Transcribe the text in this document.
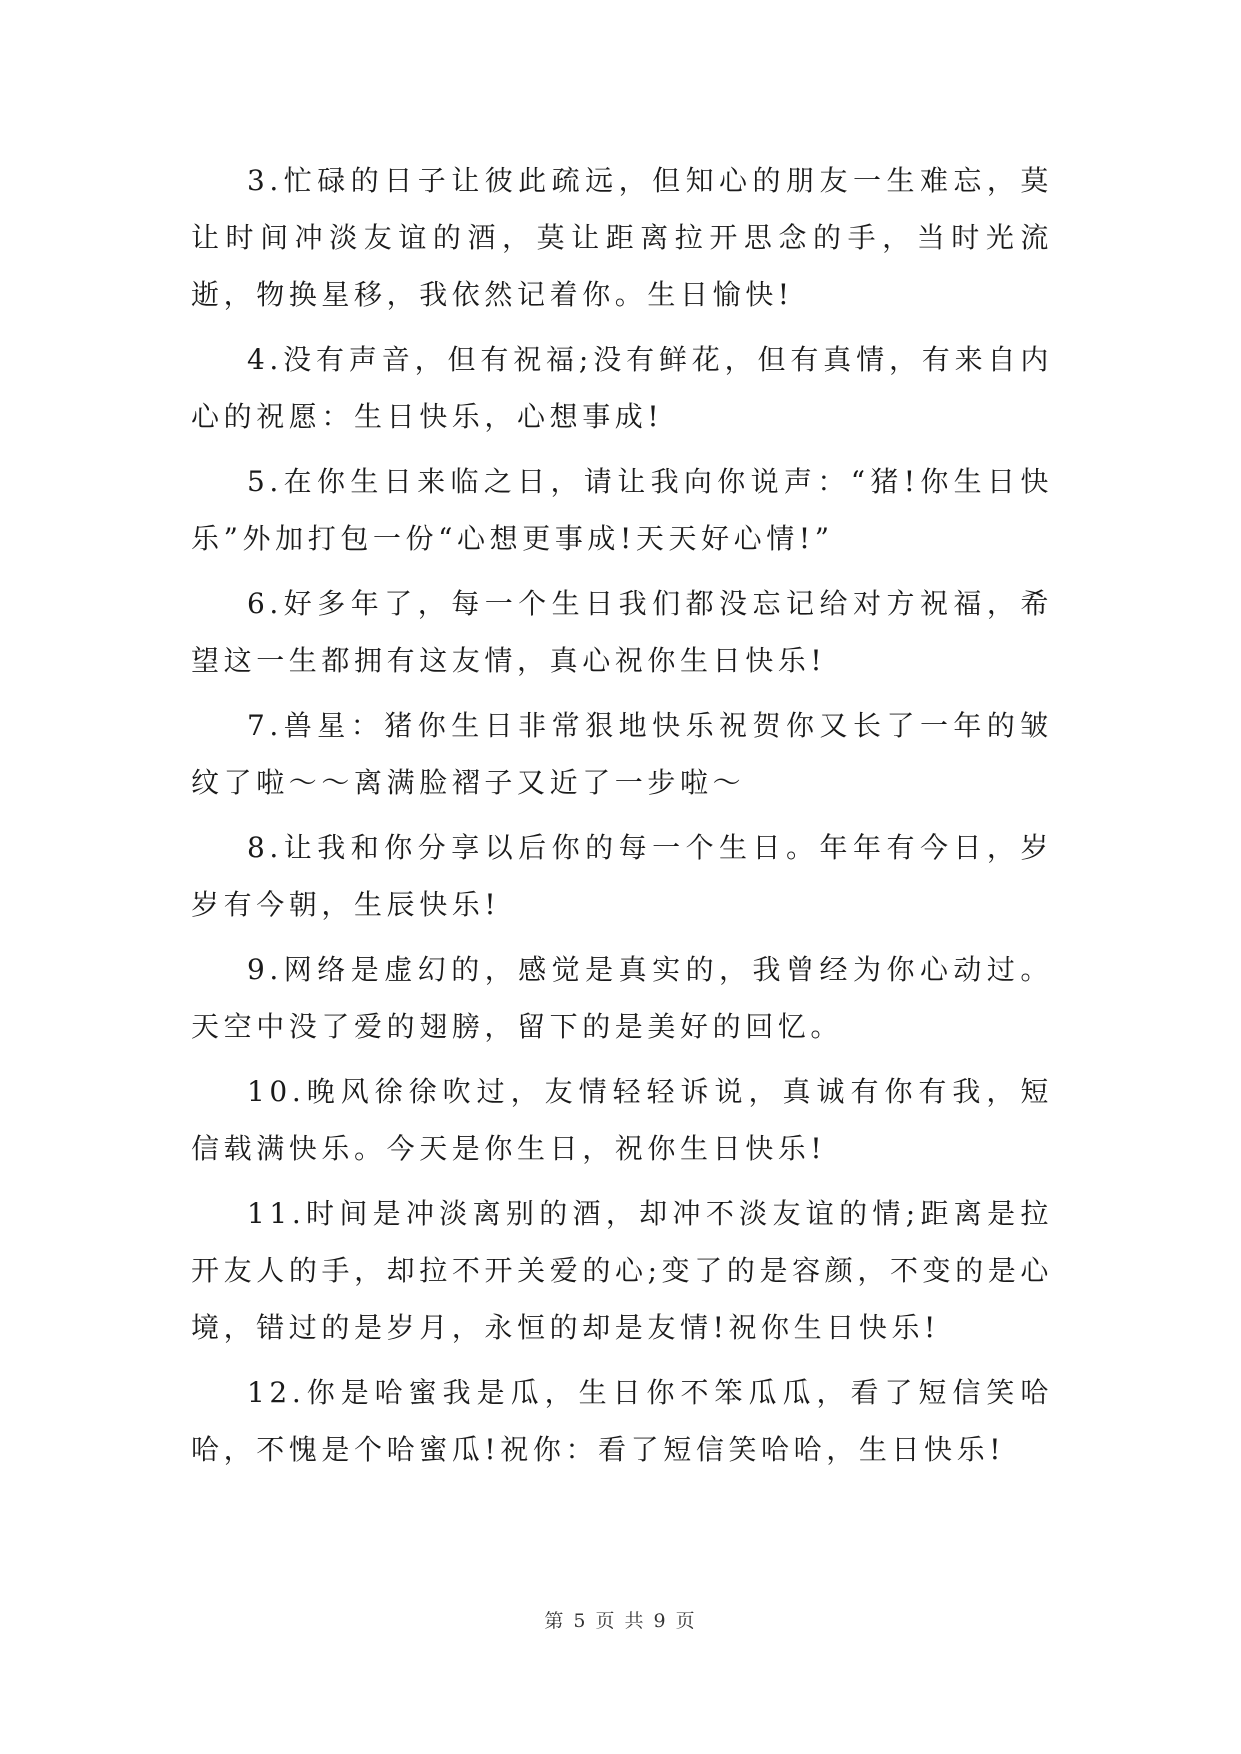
3.忙碌的日子让彼此疏远，但知心的朋友一生难忘，莫让时间冲淡友谊的酒，莫让距离拉开思念的手，当时光流逝，物换星移，我依然记着你。生日愉快!

4.没有声音，但有祝福;没有鲜花，但有真情，有来自内心的祝愿：生日快乐，心想事成!

5.在你生日来临之日，请让我向你说声：“猪!你生日快乐”外加打包一份“心想更事成!天天好心情!”

6.好多年了，每一个生日我们都没忘记给对方祝福，希望这一生都拥有这友情，真心祝你生日快乐!

7.兽星：猪你生日非常狠地快乐祝贺你又长了一年的皱纹了啦～～离满脸褶子又近了一步啦～

8.让我和你分享以后你的每一个生日。年年有今日，岁岁有今朝，生辰快乐!

9.网络是虚幻的，感觉是真实的，我曾经为你心动过。天空中没了爱的翅膀，留下的是美好的回忆。

10.晚风徐徐吹过，友情轻轻诉说，真诚有你有我，短信载满快乐。今天是你生日，祝你生日快乐!

11.时间是冲淡离别的酒，却冲不淡友谊的情;距离是拉开友人的手，却拉不开关爱的心;变了的是容颜，不变的是心境，错过的是岁月，永恒的却是友情!祝你生日快乐!

12.你是哈蜜我是瓜，生日你不笨瓜瓜，看了短信笑哈哈，不愧是个哈蜜瓜!祝你：看了短信笑哈哈，生日快乐!

第 5 页 共 9 页
